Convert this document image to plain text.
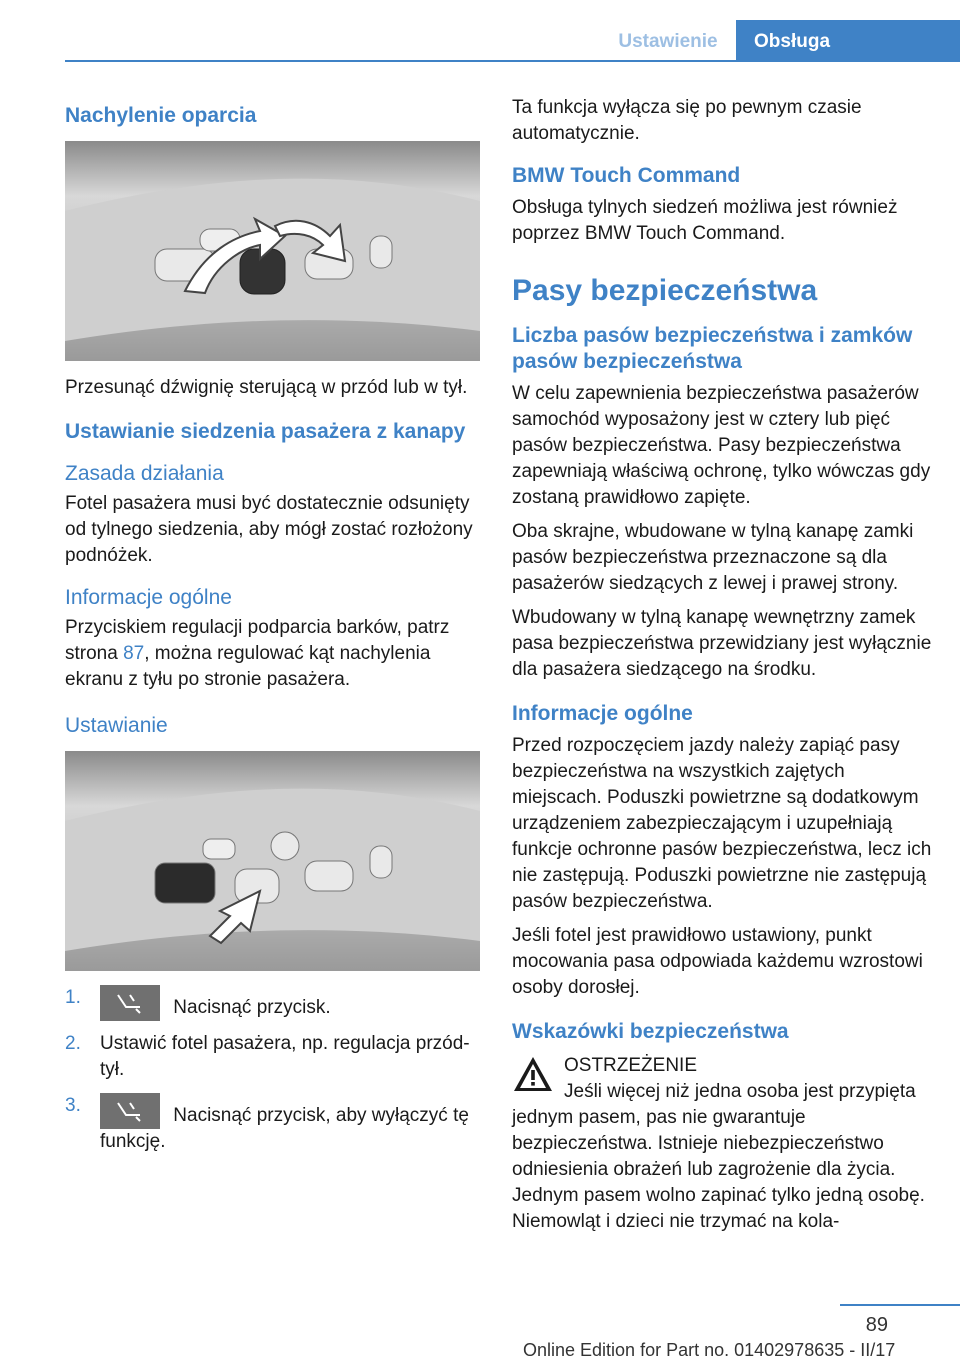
Ustawienie	Obsługa
Nachylenie oparcia

Przesunąć dźwignię sterującą w przód lub w tył.

Ustawianie siedzenia pasażera z kanapy
Zasada działania

Fotel pasażera musi być dostatecznie odsunięty od tylnego siedzenia, aby mógł zostać rozłożony podnóżek.

Informacje ogólne

Przyciskiem regulacji podparcia barków, patrz strona 87, można regulować kąt nachylenia ekranu z tyłu po stronie pasażera.

Ustawianie
1.	Nacisnąć przycisk.
2. Ustawić fotel pasażera, np. regulacja przód-tył.
3.	Nacisnąć przycisk, aby wyłączyć tę funkcję.

Ta funkcja wyłącza się po pewnym czasie automatycznie.

BMW Touch Command

Obsługa tylnych siedzeń możliwa jest również poprzez BMW Touch Command.

Pasy bezpieczeństwa
Liczba pasów bezpieczeństwa i zamków pasów bezpieczeństwa

W celu zapewnienia bezpieczeństwa pasażerów samochód wyposażony jest w cztery lub pięć pasów bezpieczeństwa. Pasy bezpieczeństwa zapewniają właściwą ochronę, tylko wówczas gdy zostaną prawidłowo zapięte.

Oba skrajne, wbudowane w tylną kanapę zamki pasów bezpieczeństwa przeznaczone są dla pasażerów siedzących z lewej i prawej strony.

Wbudowany w tylną kanapę wewnętrzny zamek pasa bezpieczeństwa przewidziany jest wyłącznie dla pasażera siedzącego na środku.

Informacje ogólne

Przed rozpoczęciem jazdy należy zapiąć pasy bezpieczeństwa na wszystkich zajętych miejscach. Poduszki powietrzne są dodatkowym urządzeniem zabezpieczającym i uzupełniają funkcje ochronne pasów bezpieczeństwa, lecz ich nie zastępują. Poduszki powietrzne nie zastępują pasów bezpieczeństwa.

Jeśli fotel jest prawidłowo ustawiony, punkt mocowania pasa odpowiada każdemu wzrostowi osoby dorosłej.

Wskazówki bezpieczeństwa
OSTRZEŻENIE
Jeśli więcej niż jedna osoba jest przypięta jednym pasem, pas nie gwarantuje bezpieczeństwa. Istnieje niebezpieczeństwo odniesienia obrażeń lub zagrożenie dla życia. Jednym pasem wolno zapinać tylko jedną osobę. Niemowląt i dzieci nie trzymać na kola-
89
Online Edition for Part no. 01402978635 - II/17
